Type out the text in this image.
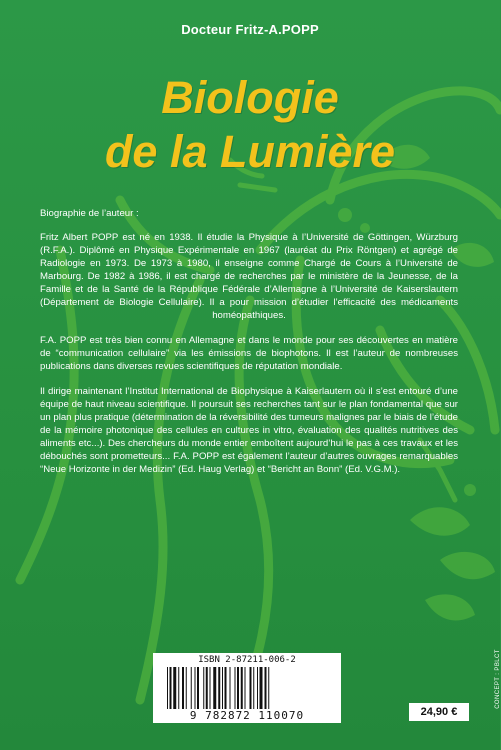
Docteur Fritz-A.POPP
Biologie
de la Lumière

Biographie de l’auteur :

Fritz Albert POPP est né en 1938. Il étudie la Physique à l’Université de Göttingen, Würzburg (R.F.A.). Diplômé en Physique Expérimentale en 1967 (lauréat du Prix Röntgen) et agrégé de Radiologie en 1973. De 1973 à 1980, il enseigne comme Chargé de Cours à l’Université de Marbourg. De 1982 à 1986, il est chargé de recherches par le ministère de la Jeunesse, de la Famille et de la Santé de la République Fédérale d’Allemagne à l’Université de Kaiserslautern (Département de Biologie Cellulaire). Il a pour mission d’étudier l’efficacité des médicaments homéopathiques.

F.A. POPP est très bien connu en Allemagne et dans le monde pour ses découvertes en matière de “communication cellulaire” via les émissions de biophotons. Il est l’auteur de nombreuses publications dans diverses revues scientifiques de réputation mondiale.

Il dirige maintenant l’Institut International de Biophysique à Kaiserlautern où il s’est entouré d’une équipe de haut niveau scientifique. Il poursuit ses recherches tant sur le plan fondamental que sur un plan plus pratique (détermination de la réversibilité des tumeurs malignes par le biais de l’étude de la mémoire photonique des cellules en cultures in vitro, évaluation des qualités nutritives des aliments etc...). Des chercheurs du monde entier emboîtent aujourd’hui le pas à ces travaux et les débouchés sont prometteurs... F.A. POPP est également l’auteur d’autres ouvrages remarquables “Neue Horizonte in der Medizin” (Ed. Haug Verlag) et “Bericht an Bonn” (Ed. V.G.M.).

ISBN 2-87211-006-2
9 782872 110070	24,90 €
CONCEPT : PBLCT
